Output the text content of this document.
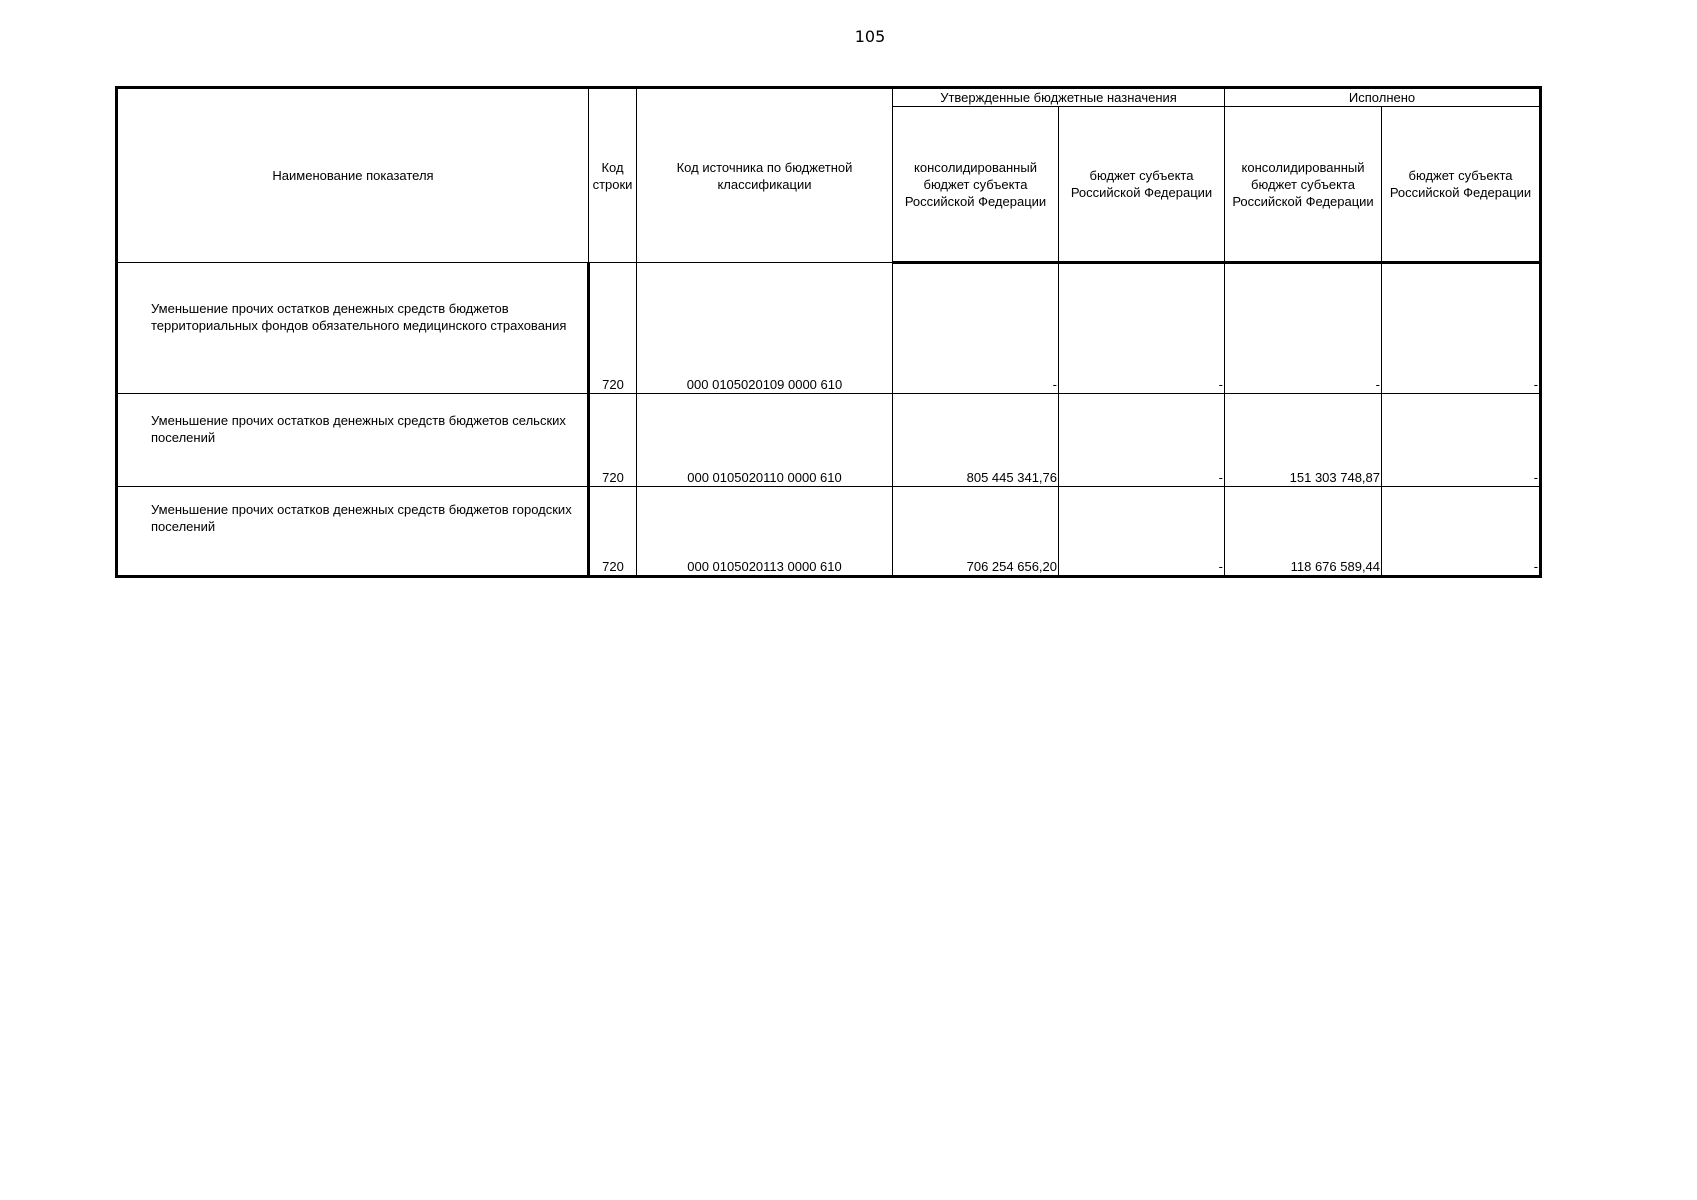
105
Наименование показателя	Код строки	Код источника по бюджетной классификации	Утвержденные бюджетные назначения		Исполнено	
			консолидированный бюджет субъекта Российской Федерации	бюджет субъекта Российской Федерации	консолидированный бюджет субъекта Российской Федерации	бюджет субъекта Российской Федерации
Уменьшение прочих остатков денежных средств бюджетов территориальных фондов обязательного медицинского страхования	720	000 0105020109 0000 610	-	-	-	-
Уменьшение прочих остатков денежных средств бюджетов сельских поселений	720	000 0105020110 0000 610	805 445 341,76	-	151 303 748,87	-
Уменьшение прочих остатков денежных средств бюджетов городских поселений	720	000 0105020113 0000 610	706 254 656,20	-	118 676 589,44	-
